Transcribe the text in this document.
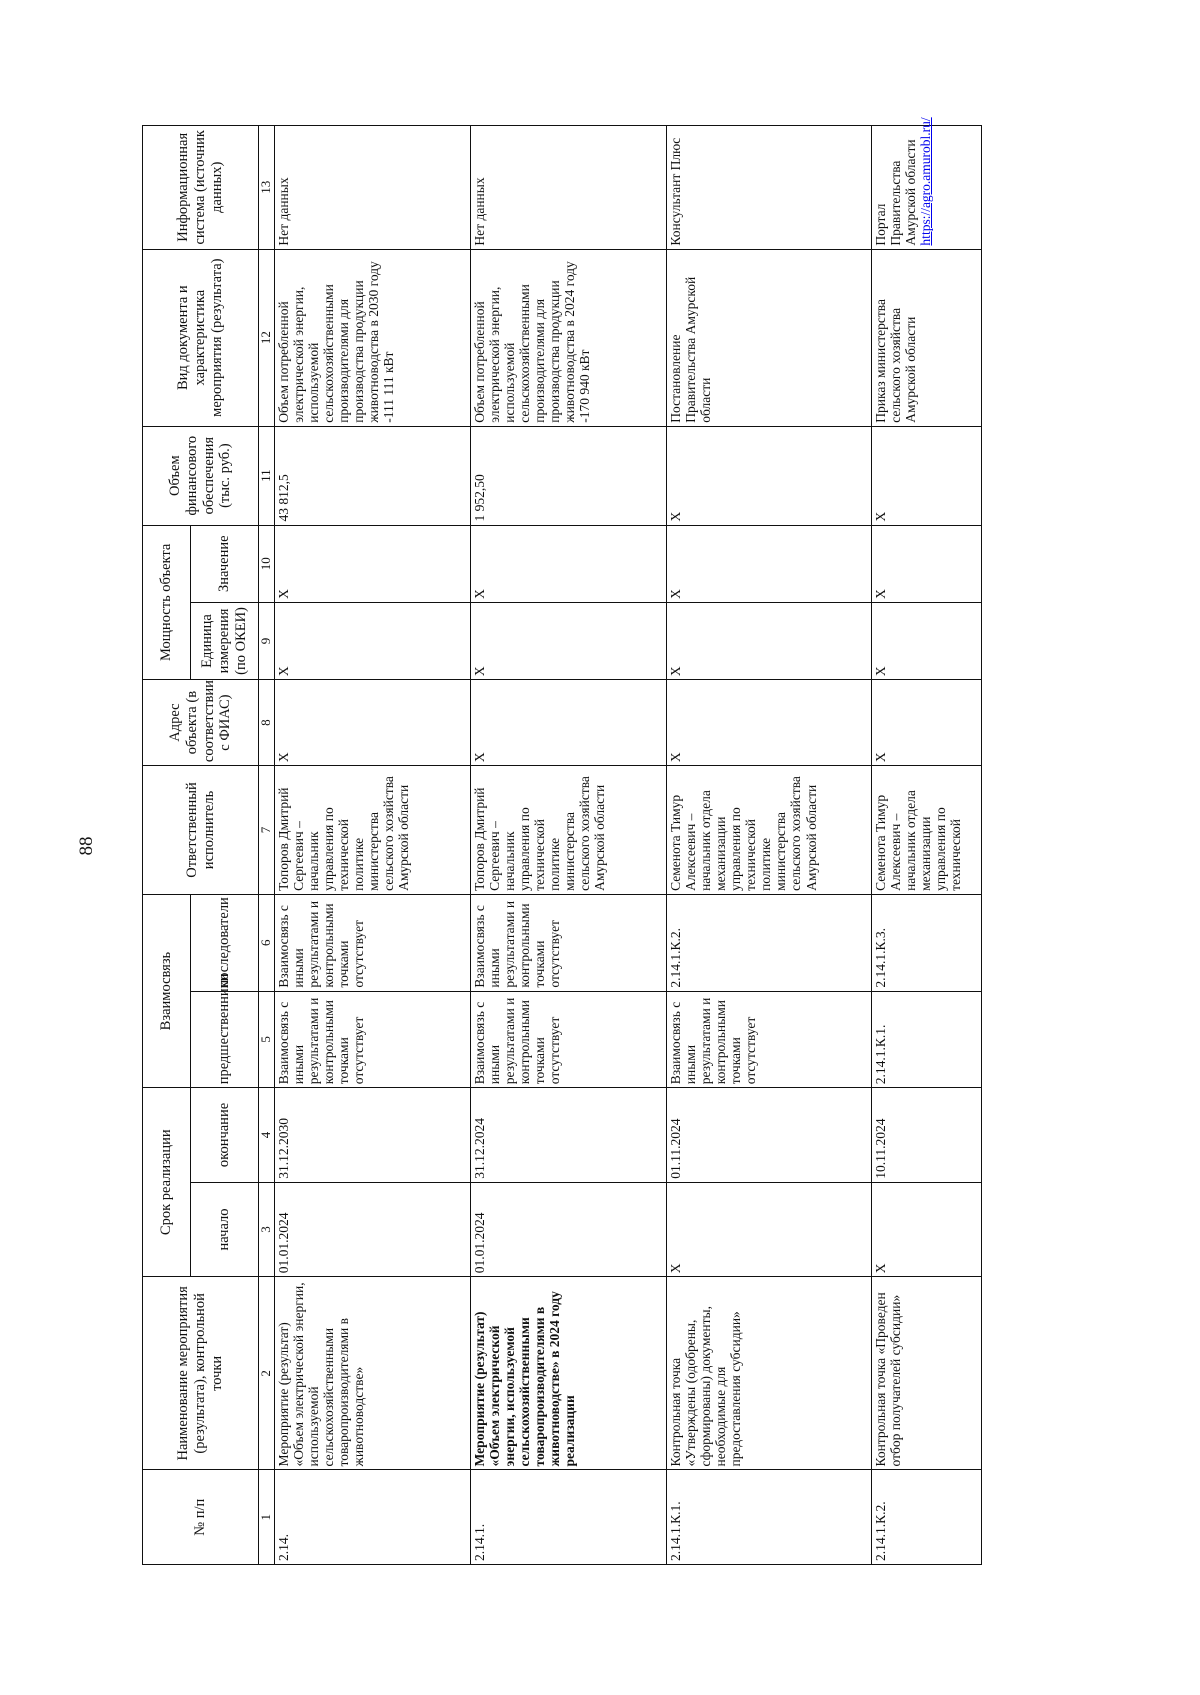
88
№ п/п	Наименование мероприятия (результата), контрольной точки	Срок реализации		Взаимосвязь		Ответственный исполнитель	Адрес объекта (в соответствии с ФИАС)	Мощность объекта		Объем финансового обеспечения (тыс. руб.)	Вид документа и характеристика мероприятия (результата)	Информационная система (источник данных)
		начало	окончание	предшественники	последователи			Единица измерения (по ОКЕИ)	Значение			
1	2	3	4	5	6	7	8	9	10	11	12	13
2.14.	Мероприятие (результат) «Объем электрической энергии, используемой сельскохозяйственными товаропроизводителями в животноводстве»	01.01.2024	31.12.2030	Взаимосвязь с иными результатами и контрольными точками отсутствует	Взаимосвязь с иными результатами и контрольными точками отсутствует	Топоров Дмитрий Сергеевич – начальник управления по технической политике министерства сельского хозяйства Амурской области	Х	Х	Х	43 812,5	Объем потребленной электрической энергии, используемой сельскохозяйственными производителями для производства продукции животноводства в 2030 году -111 111 кВт	Нет данных
2.14.1.	Мероприятие (результат) «Объем электрической энергии, используемой сельскохозяйственными товаропроизводителями в животноводстве» в 2024 году реализации	01.01.2024	31.12.2024	Взаимосвязь с иными результатами и контрольными точками отсутствует	Взаимосвязь с иными результатами и контрольными точками отсутствует	Топоров Дмитрий Сергеевич – начальник управления по технической политике министерства сельского хозяйства Амурской области	Х	Х	Х	1 952,50	Объем потребленной электрической энергии, используемой сельскохозяйственными производителями для производства продукции животноводства в 2024 году -170 940 кВт	Нет данных
2.14.1.К.1.	Контрольная точка «Утверждены (одобрены, сформированы) документы, необходимые для предоставления субсидии»	Х	01.11.2024	Взаимосвязь с иными результатами и контрольными точками отсутствует	2.14.1.К.2.	Семенота Тимур Алексеевич – начальник отдела механизации управления по технической политике министерства сельского хозяйства Амурской области	Х	Х	Х	Х	Постановление Правительства Амурской области	Консультант Плюс
2.14.1.К.2.	Контрольная точка «Проведен отбор получателей субсидии»	Х	10.11.2024	2.14.1.К.1.	2.14.1.К.3.	Семенота Тимур Алексеевич – начальник отдела механизации управления по технической	Х	Х	Х	Х	Приказ министерства сельского хозяйства Амурской области	Портал Правительства Амурской области https://agro.amurobl.ru/
